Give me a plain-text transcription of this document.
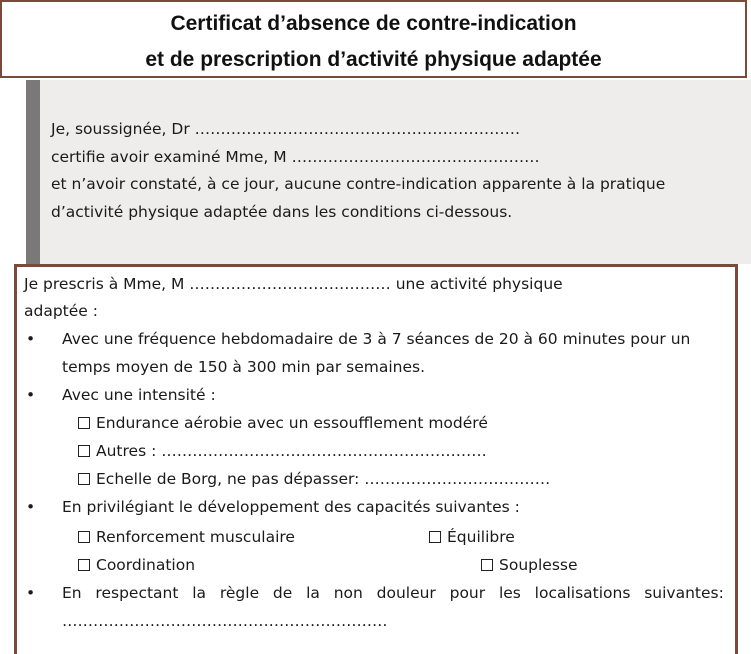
Certificat d’absence de contre-indication
et de prescription d’activité physique adaptée
Je, soussignée, Dr ………………………………………………………
certifie avoir examiné Mme, M …………………………………………
et n’avoir constaté, à ce jour, aucune contre-indication apparente à la pratique
d’activité physique adaptée dans les conditions ci-dessous.
Je prescris à Mme, M ………………………………… une activité physique
adaptée :
• Avec une fréquence hebdomadaire de 3 à 7 séances de 20 à 60 minutes pour un
temps moyen de 150 à 300 min par semaines.
• Avec une intensité :
Endurance aérobie avec un essoufflement modéré
Autres : ………………………………………………………
Echelle de Borg, ne pas dépasser: ………………………………
• En privilégiant le développement des capacités suivantes :
Renforcement musculaire	Équilibre
Coordination	Souplesse
• En respectant la règle de la non douleur pour les localisations suivantes:
………………………………………………………
